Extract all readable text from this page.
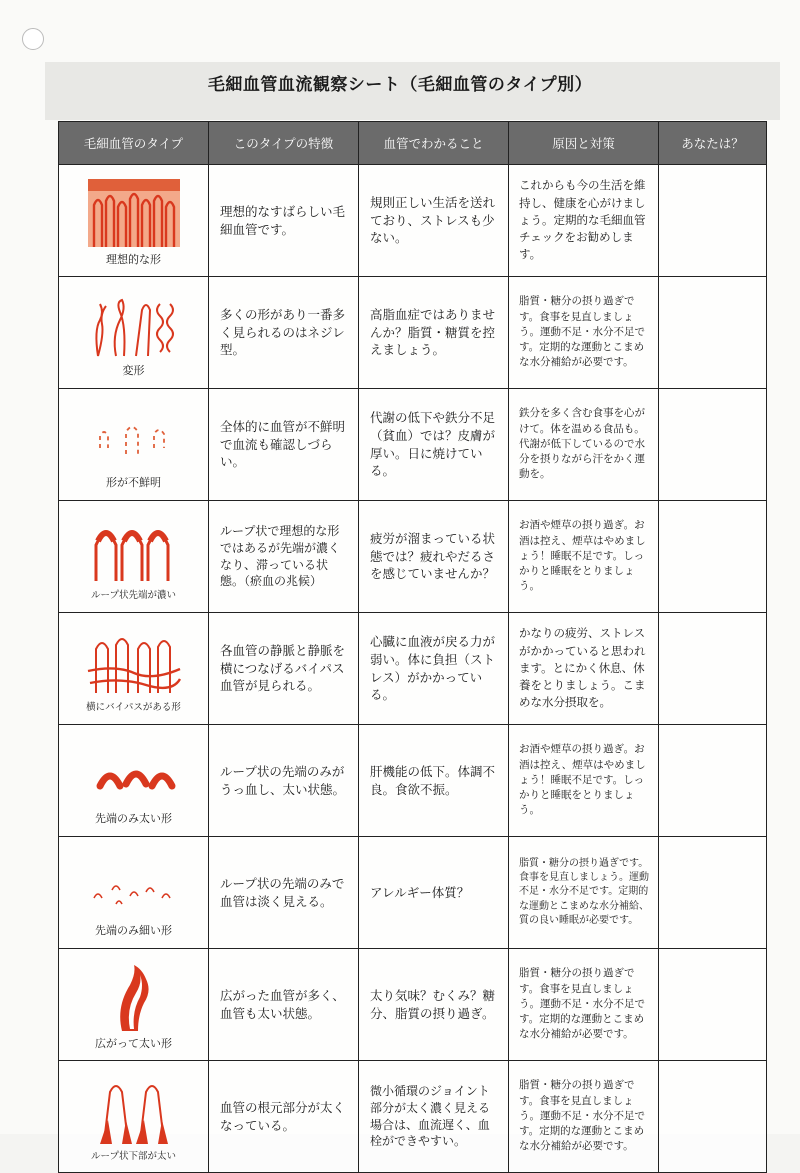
毛細血管血流観察シート（毛細血管のタイプ別）
毛細血管のタイプ	このタイプの特徴	血管でわかること	原因と対策	あなたは？

理想的な形	理想的なすばらしい毛細血管です。	規則正しい生活を送れており、ストレスも少ない。	これからも今の生活を維持し、健康を心がけましょう。定期的な毛細血管チェックをお勧めします。	

変形	多くの形があり一番多く見られるのはネジレ型。	高脂血症ではありませんか？脂質・糖質を控えましょう。	脂質・糖分の摂り過ぎです。食事を見直しましょう。運動不足・水分不足です。定期的な運動とこまめな水分補給が必要です。	

形が不鮮明	全体的に血管が不鮮明で血流も確認しづらい。	代謝の低下や鉄分不足（貧血）では？皮膚が厚い。日に焼けている。	鉄分を多く含む食事を心がけて。体を温める食品も。代謝が低下しているので水分を摂りながら汗をかく運動を。	

ループ状先端が濃い	ループ状で理想的な形ではあるが先端が濃くなり、滞っている状態。（瘀血の兆候）	疲労が溜まっている状態では？疲れやだるさを感じていませんか？	お酒や煙草の摂り過ぎ。お酒は控え、煙草はやめましょう！睡眠不足です。しっかりと睡眠をとりましょう。	

横にバイパスがある形	各血管の静脈と静脈を横につなげるバイパス血管が見られる。	心臓に血液が戻る力が弱い。体に負担（ストレス）がかかっている。	かなりの疲労、ストレスがかかっていると思われます。とにかく休息、休養をとりましょう。こまめな水分摂取を。	

先端のみ太い形	ループ状の先端のみがうっ血し、太い状態。	肝機能の低下。体調不良。食欲不振。	お酒や煙草の摂り過ぎ。お酒は控え、煙草はやめましょう！睡眠不足です。しっかりと睡眠をとりましょう。	

先端のみ細い形	ループ状の先端のみで血管は淡く見える。	アレルギー体質？	脂質・糖分の摂り過ぎです。食事を見直しましょう。運動不足・水分不足です。定期的な運動とこまめな水分補給、質の良い睡眠が必要です。	

広がって太い形	広がった血管が多く、血管も太い状態。	太り気味？むくみ？糖分、脂質の摂り過ぎ。	脂質・糖分の摂り過ぎです。食事を見直しましょう。運動不足・水分不足です。定期的な運動とこまめな水分補給が必要です。	

ループ状下部が太い	血管の根元部分が太くなっている。	微小循環のジョイント部分が太く濃く見える場合は、血流遅く、血栓ができやすい。	脂質・糖分の摂り過ぎです。食事を見直しましょう。運動不足・水分不足です。定期的な運動とこまめな水分補給が必要です。	
